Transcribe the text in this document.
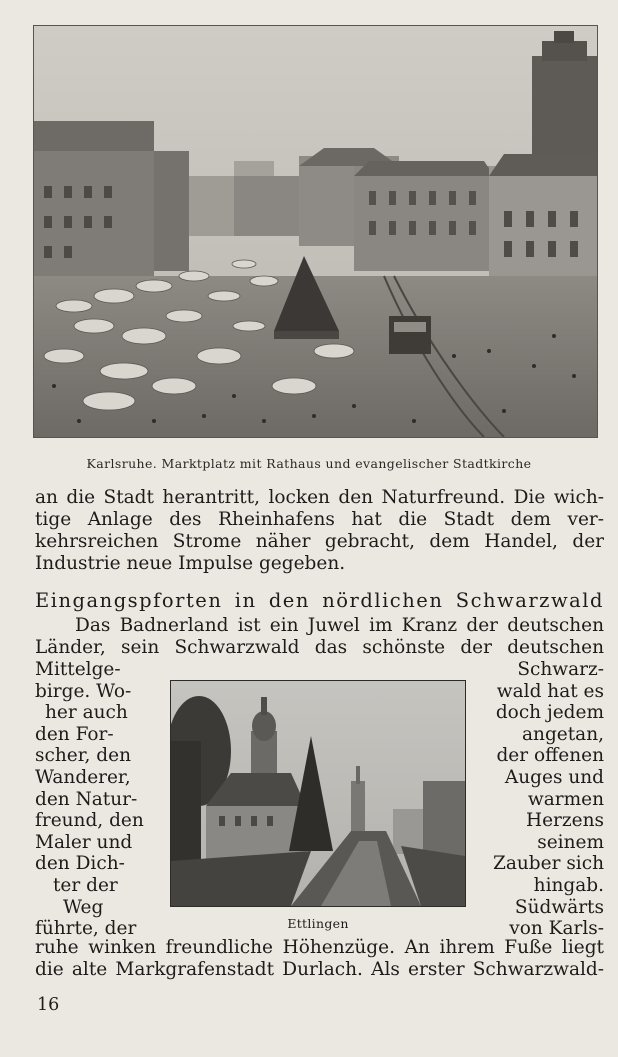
Karlsruhe. Marktplatz mit Rathaus und evangelischer Stadtkirche
an die Stadt herantritt, locken den Naturfreund. Die wich-
tige Anlage des Rheinhafens hat die Stadt dem ver-
kehrsreichen Strome näher gebracht, dem Handel, der
Industrie neue Impulse gegeben.
Eingangspforten in den nördlichen Schwarzwald
Das Badnerland ist ein Juwel im Kranz der deutschen
Länder, sein Schwarzwald das schönste der deutschen
Mittelge-
birge. Wo-
her auch
den For-
scher, den
Wanderer,
den Natur-
freund, den
Maler und
den Dich-
ter der
Weg
führte, der
Schwarz-
wald hat es
doch jedem
angetan,
der offenen
Auges und
warmen
Herzens
seinem
Zauber sich
hingab.
Südwärts
von Karls-
Ettlingen
ruhe winken freundliche Höhenzüge. An ihrem Fuße liegt
die alte Markgrafenstadt Durlach. Als erster Schwarzwald-
16
